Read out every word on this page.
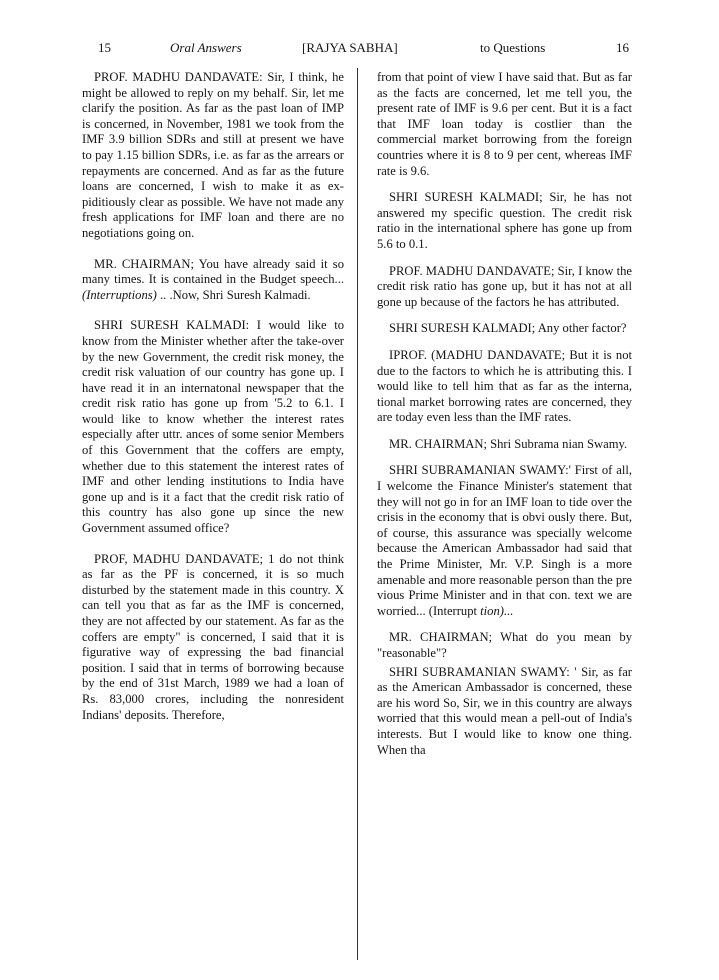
15	Oral Answers	[RAJYA SABHA]	to Questions	16

PROF. MADHU DANDAVATE: Sir, I think, he might be allowed to reply on my behalf. Sir, let me clarify the position. As far as the past loan of IMP is concerned, in November, 1981 we took from the IMF 3.9 billion SDRs and still at present we have to pay 1.15 billion SDRs, i.e. as far as the arrears or repayments are concerned. And as far as the future loans are concerned, I wish to make it as ex-piditiously clear as possible. We have not made any fresh applications for IMF loan and there are no negotiations going on.

MR. CHAIRMAN; You have already said it so many times. It is contained in the Budget speech... (Interruptions) .. .Now, Shri Suresh Kalmadi.

SHRI SURESH KALMADI: I would like to know from the Minister whether after the take-over by the new Government, the credit risk money, the credit risk valuation of our country has gone up. I have read it in an internatonal newspaper that the credit risk ratio has gone up from '5.2 to 6.1. I would like to know whether the interest rates especially after uttr. ances of some senior Members of this Government that the coffers are empty, whether due to this statement the interest rates of IMF and other lending institutions to India have gone up and is it a fact that the credit risk ratio of this country has also gone up since the new Government assumed office?

PROF, MADHU DANDAVATE; 1 do not think as far as the PF is concerned, it is so much disturbed by the statement made in this country. X can tell you that as far as the IMF is concerned, they are not affected by our statement. As far as the coffers are empty" is concerned, I said that it is figurative way of expressing the bad financial position. I said that in terms of borrowing because by the end of 31st March, 1989 we had a loan of Rs. 83,000 crores, including the nonresident Indians' deposits. Therefore,

from that point of view I have said that. But as far as the facts are concerned, let me tell you, the present rate of IMF is 9.6 per cent. But it is a fact that IMF loan today is costlier than the commercial market borrowing from the foreign countries where it is 8 to 9 per cent, whereas IMF rate is 9.6.

SHRI SURESH KALMADI; Sir, he has not answered my specific question. The credit risk ratio in the international sphere has gone up from 5.6 to 0.1.

PROF. MADHU DANDAVATE; Sir, I know the credit risk ratio has gone up, but it has not at all gone up because of the factors he has attributed.

SHRI SURESH KALMADI; Any other factor?

IPROF. (MADHU DANDAVATE; But it is not due to the factors to which he is attributing this. I would like to tell him that as far as the interna, tional market borrowing rates are concerned, they are today even less than the IMF rates.

MR. CHAIRMAN; Shri Subrama nian Swamy.

SHRI SUBRAMANIAN SWAMY:' First of all, I welcome the Finance Minister's statement that they will not go in for an IMF loan to tide over the crisis in the economy that is obvi ously there. But, of course, this assurance was specially welcome because the American Ambassador had said that the Prime Minister, Mr. V.P. Singh is a more amenable and more reasonable person than the pre vious Prime Minister and in that con. text we are worried... (Interrupt tion)...

MR. CHAIRMAN; What do you mean by "reasonable"?

SHRI SUBRAMANIAN SWAMY: ' Sir, as far as the American Ambassador is concerned, these are his word So, Sir, we in this country are always worried that this would mean a pell-out of India's interests. But I would like to know one thing. When tha
